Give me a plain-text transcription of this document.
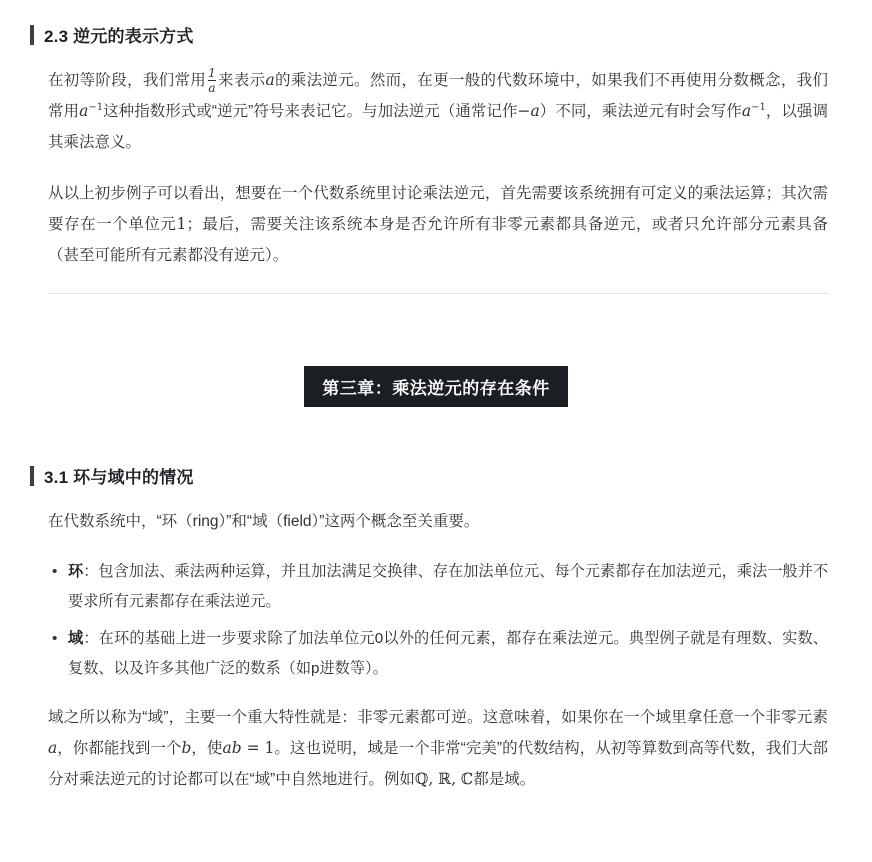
2.3 逆元的表示方式

在初等阶段，我们常用 $\frac{1}{a}$ 来表示a的乘法逆元。然而，在更一般的代数环境中，如果我们不再使用分数概念，我们常用$a^{-1}$这种指数形式或“逆元”符号来表记它。与加法逆元（通常记作−a）不同，乘法逆元有时会写作$a^{-1}$，以强调其乘法意义。

从以上初步例子可以看出，想要在一个代数系统里讨论乘法逆元，首先需要该系统拥有可定义的乘法运算；其次需要存在一个单位元1；最后，需要关注该系统本身是否允许所有非零元素都具备逆元，或者只允许部分元素具备（甚至可能所有元素都没有逆元）。

第三章：乘法逆元的存在条件
3.1 环与域中的情况

在代数系统中，“环（ring）”和“域（field）”这两个概念至关重要。

• 环：包含加法、乘法两种运算，并且加法满足交换律、存在加法单位元、每个元素都存在加法逆元，乘法一般并不要求所有元素都存在乘法逆元。
• 域：在环的基础上进一步要求除了加法单位元0以外的任何元素，都存在乘法逆元。典型例子就是有理数、实数、复数、以及许多其他广泛的数系（如p进数等）。

域之所以称为“域”，主要一个重大特性就是：非零元素都可逆。这意味着，如果你在一个域里拿任意一个非零元素a，你都能找到一个b，使ab = 1。这也说明，域是一个非常“完美”的代数结构，从初等算数到高等代数，我们大部分对乘法逆元的讨论都可以在“域”中自然地进行。例如ℚ, ℝ, ℂ都是域。
